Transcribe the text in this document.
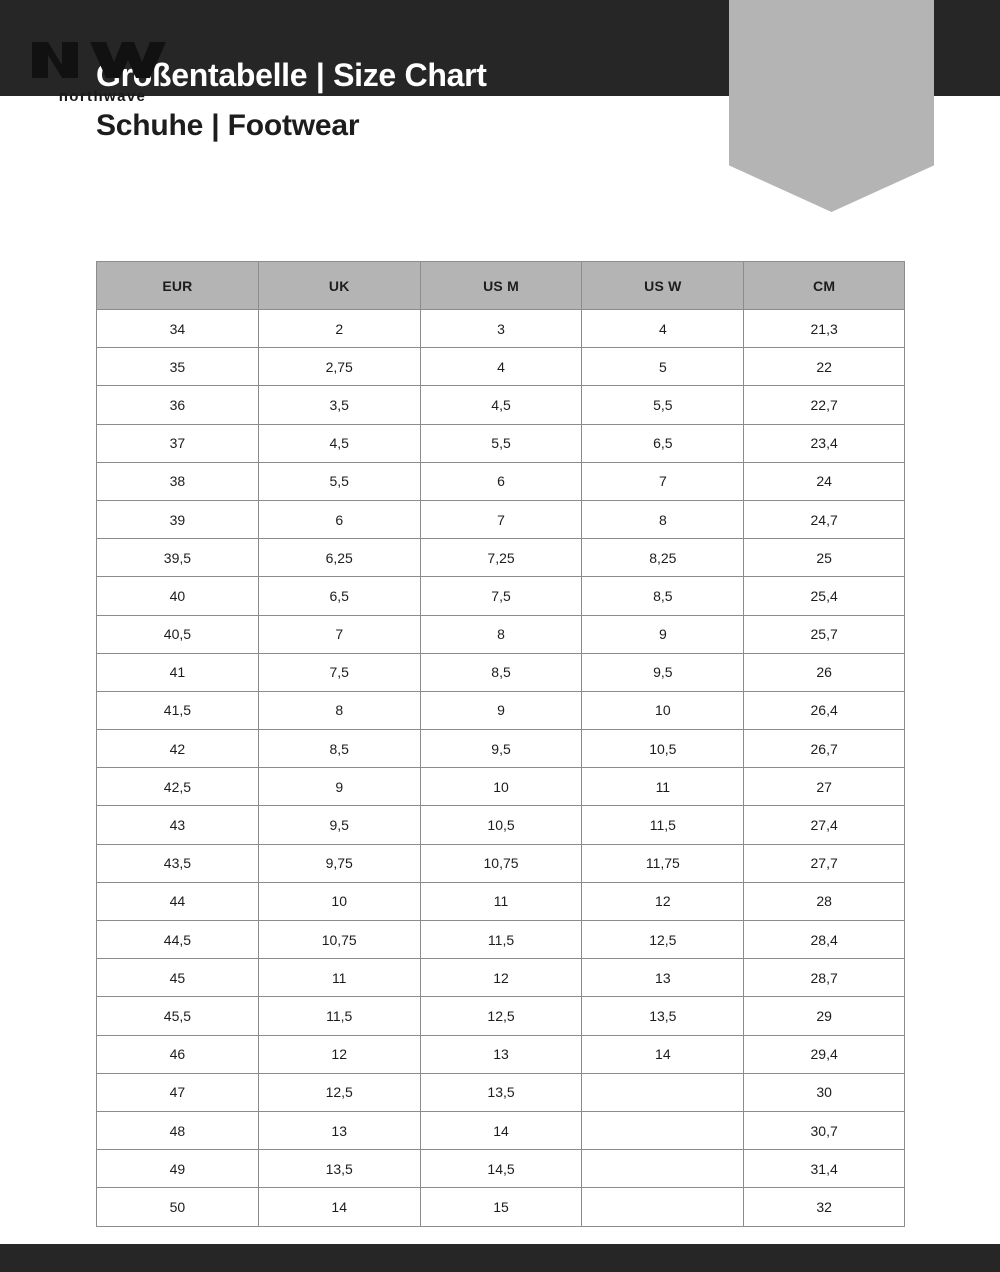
Größentabelle | Size Chart
Schuhe | Footwear
northwave
EUR	UK	US M	US W	CM
34	2	3	4	21,3
35	2,75	4	5	22
36	3,5	4,5	5,5	22,7
37	4,5	5,5	6,5	23,4
38	5,5	6	7	24
39	6	7	8	24,7
39,5	6,25	7,25	8,25	25
40	6,5	7,5	8,5	25,4
40,5	7	8	9	25,7
41	7,5	8,5	9,5	26
41,5	8	9	10	26,4
42	8,5	9,5	10,5	26,7
42,5	9	10	11	27
43	9,5	10,5	11,5	27,4
43,5	9,75	10,75	11,75	27,7
44	10	11	12	28
44,5	10,75	11,5	12,5	28,4
45	11	12	13	28,7
45,5	11,5	12,5	13,5	29
46	12	13	14	29,4
47	12,5	13,5		30
48	13	14		30,7
49	13,5	14,5		31,4
50	14	15		32
